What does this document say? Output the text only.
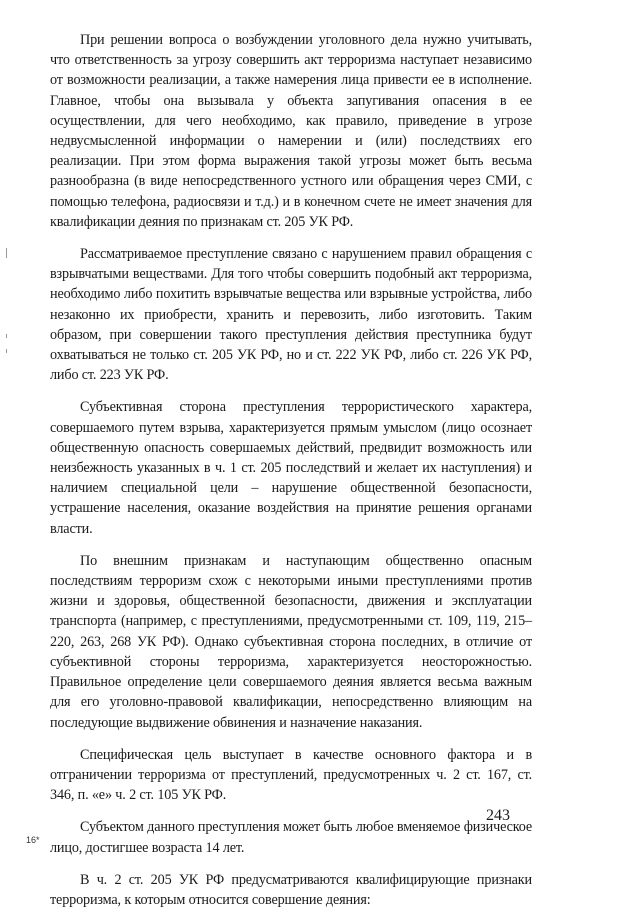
При решении вопроса о возбуждении уголовного дела нужно учитывать, что ответственность за угрозу совершить акт терроризма наступает независимо от возможности реализации, а также намерения лица привести ее в исполнение. Главное, чтобы она вызывала у объекта запугивания опасения в ее осуществлении, для чего необходимо, как правило, приведение в угрозе недвусмысленной информации о намерении и (или) последствиях его реализации. При этом форма выражения такой угрозы может быть весьма разнообразна (в виде непосредственного устного или обращения через СМИ, с помощью телефона, радиосвязи и т.д.) и в конечном счете не имеет значения для квалификации деяния по признакам ст. 205 УК РФ.

Рассматриваемое преступление связано с нарушением правил обращения с взрывчатыми веществами. Для того чтобы совершить подобный акт терроризма, необходимо либо похитить взрывчатые вещества или взрывные устройства, либо незаконно их приобрести, хранить и перевозить, либо изготовить. Таким образом, при совершении такого преступления действия преступника будут охватываться не только ст. 205 УК РФ, но и ст. 222 УК РФ, либо ст. 226 УК РФ, либо ст. 223 УК РФ.

Субъективная сторона преступления террористического характера, совершаемого путем взрыва, характеризуется прямым умыслом (лицо осознает общественную опасность совершаемых действий, предвидит возможность или неизбежность указанных в ч. 1 ст. 205 последствий и желает их наступления) и наличием специальной цели – нарушение общественной безопасности, устрашение населения, оказание воздействия на принятие решения органами власти.

По внешним признакам и наступающим общественно опасным последствиям терроризм схож с некоторыми иными преступлениями против жизни и здоровья, общественной безопасности, движения и эксплуатации транспорта (например, с преступлениями, предусмотренными ст. 109, 119, 215–220, 263, 268 УК РФ). Однако субъективная сторона последних, в отличие от субъективной стороны терроризма, характеризуется неосторожностью. Правильное определение цели совершаемого деяния является весьма важным для его уголовно-правовой квалификации, непосредственно влияющим на последующие выдвижение обвинения и назначение наказания.

Специфическая цель выступает в качестве основного фактора и в отграничении терроризма от преступлений, предусмотренных ч. 2 ст. 167, ст. 346, п. «е» ч. 2 ст. 105 УК РФ.

Субъектом данного преступления может быть любое вменяемое физическое лицо, достигшее возраста 14 лет.

В ч. 2 ст. 205 УК РФ предусматриваются квалифицирующие признаки терроризма, к которым относится совершение деяния:

243
16*
